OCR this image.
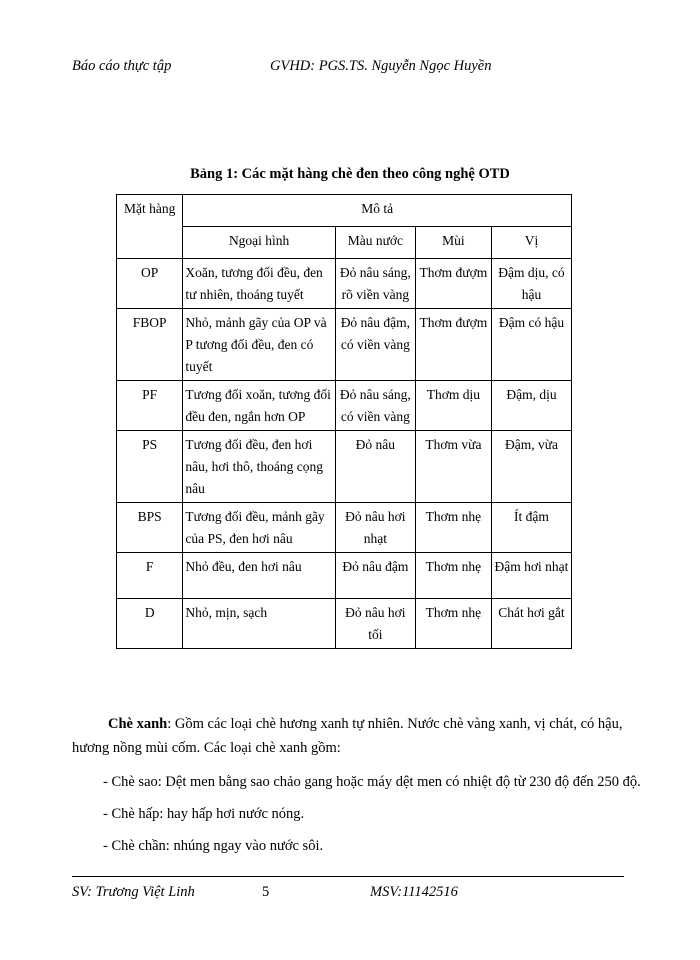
Báo cáo thực tập	GVHD: PGS.TS. Nguyễn Ngọc Huyền
Bảng 1: Các mặt hàng chè đen theo công nghệ OTD
Mặt hàng	Mô tả			
	Ngoại hình	Màu nước	Mùi	Vị
OP	Xoăn, tương đối đều, đen tư nhiên, thoáng tuyết	Đỏ nâu sáng, rõ viền vàng	Thơm đượm	Đậm dịu, có hậu
FBOP	Nhỏ, mảnh gãy của OP và P tương đối đều, đen có tuyết	Đỏ nâu đậm, có viền vàng	Thơm đượm	Đậm có hậu
PF	Tương đối xoăn, tương đối đều đen, ngắn hơn OP	Đỏ nâu sáng, có viền vàng	Thơm dịu	Đậm, dịu
PS	Tương đối đều, đen hơi nâu, hơi thô, thoáng cọng nâu	Đỏ nâu	Thơm vừa	Đậm, vừa
BPS	Tương đối đều, mảnh gãy của PS, đen hơi nâu	Đỏ nâu hơi nhạt	Thơm nhẹ	Ít đậm
F	Nhỏ đều, đen hơi nâu	Đỏ nâu đậm	Thơm nhẹ	Đậm hơi nhạt
D	Nhỏ, mịn, sạch	Đỏ nâu hơi tối	Thơm nhẹ	Chát hơi gắt
Chè xanh: Gồm các loại chè hương xanh tự nhiên. Nước chè vàng xanh, vị chát, có hậu, hương nồng mùi cốm. Các loại chè xanh gồm:
- Chè sao: Dệt men bằng sao chảo gang hoặc máy dệt men có nhiệt độ từ 230 độ đến 250 độ.
- Chè hấp: hay hấp hơi nước nóng.
- Chè chần: nhúng ngay vào nước sôi.
SV: Trương Việt Linh	5	MSV:11142516
